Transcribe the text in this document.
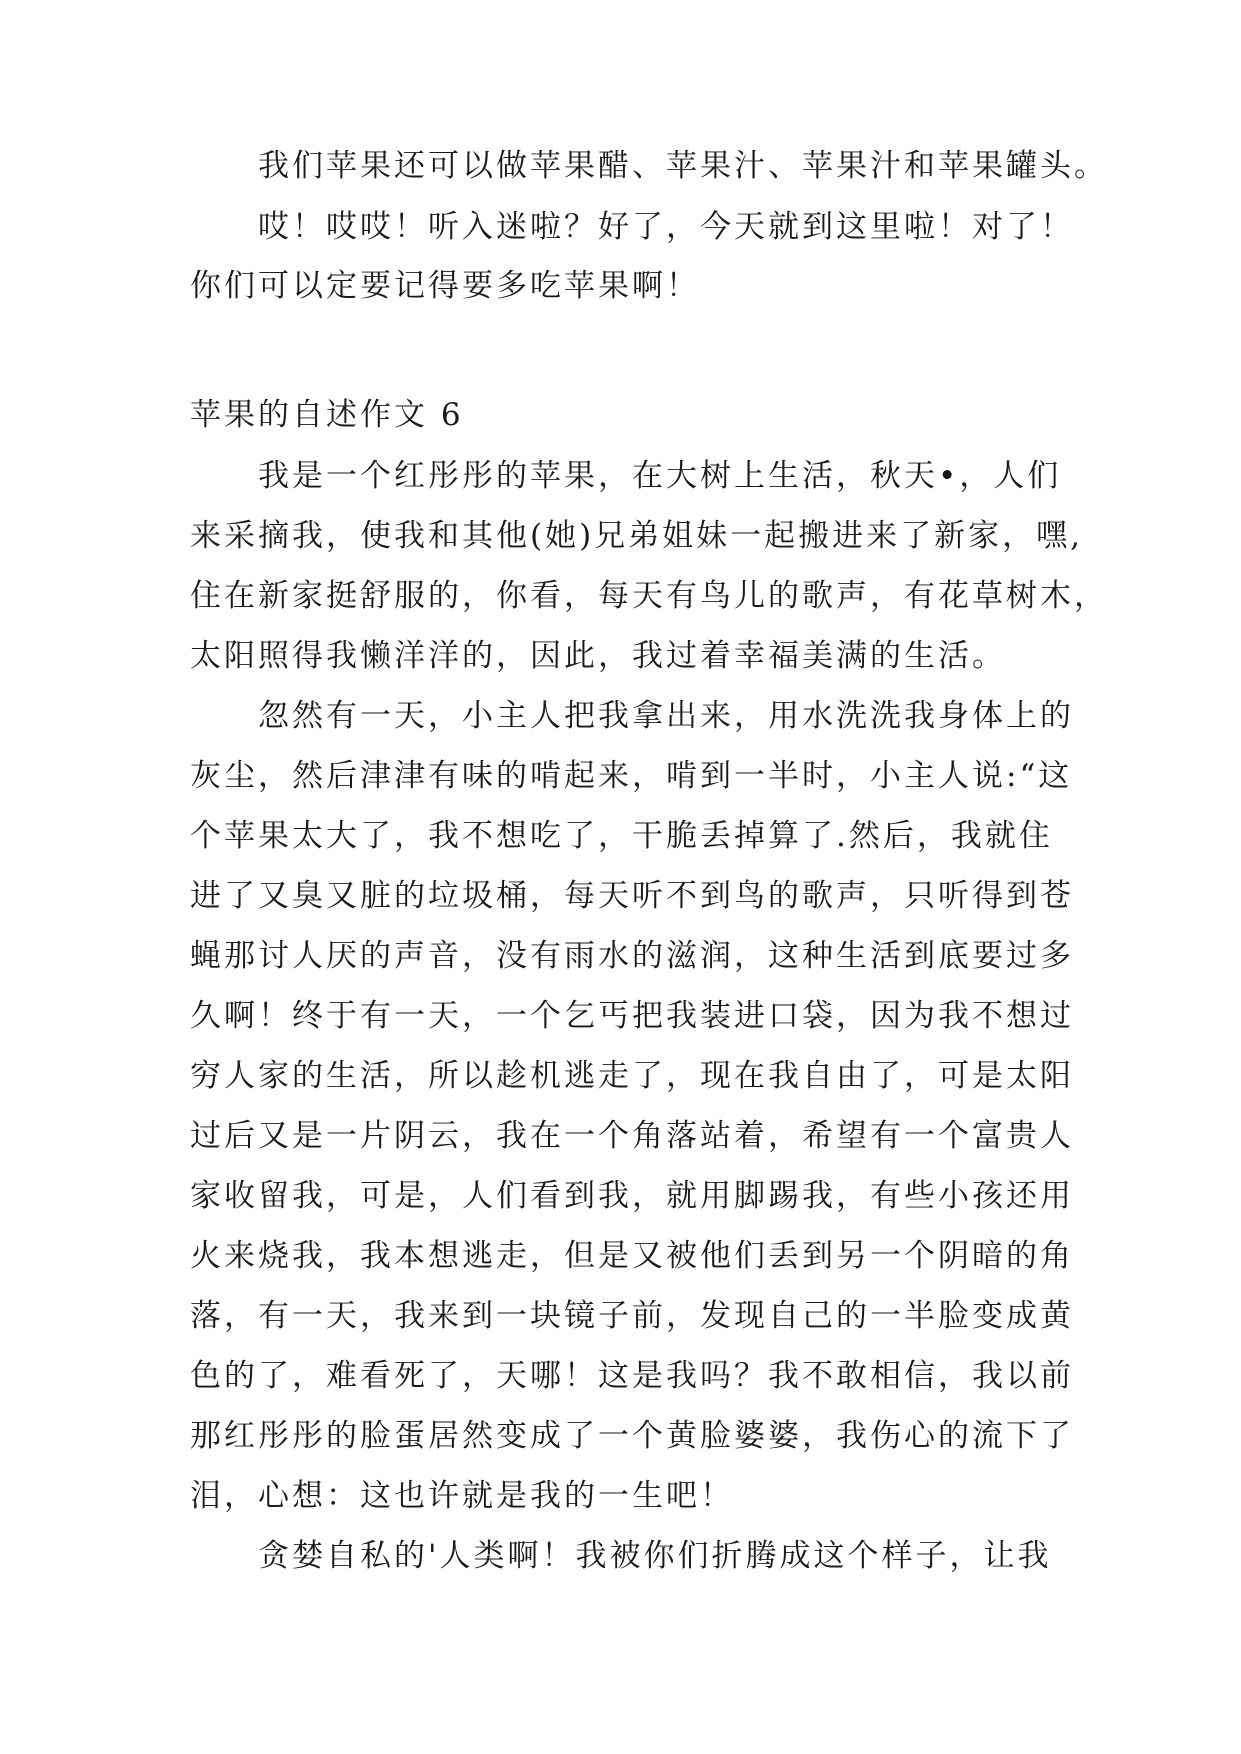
我们苹果还可以做苹果醋、苹果汁、苹果汁和苹果罐头。
哎！哎哎！听入迷啦？好了，今天就到这里啦！对了！
你们可以定要记得要多吃苹果啊！
苹果的自述作文 6
我是一个红彤彤的苹果，在大树上生活，秋天•，人们
来采摘我，使我和其他(她)兄弟姐妹一起搬进来了新家，嘿,
住在新家挺舒服的，你看，每天有鸟儿的歌声，有花草树木，
太阳照得我懒洋洋的，因此，我过着幸福美满的生活。
忽然有一天，小主人把我拿出来，用水洗洗我身体上的
灰尘，然后津津有味的啃起来，啃到一半时，小主人说:“这
个苹果太大了，我不想吃了，干脆丢掉算了.然后，我就住
进了又臭又脏的垃圾桶，每天听不到鸟的歌声，只听得到苍
蝇那讨人厌的声音，没有雨水的滋润，这种生活到底要过多
久啊！终于有一天，一个乞丐把我装进口袋，因为我不想过
穷人家的生活，所以趁机逃走了，现在我自由了，可是太阳
过后又是一片阴云，我在一个角落站着，希望有一个富贵人
家收留我，可是，人们看到我，就用脚踢我，有些小孩还用
火来烧我，我本想逃走，但是又被他们丢到另一个阴暗的角
落，有一天，我来到一块镜子前，发现自己的一半脸变成黄
色的了，难看死了，天哪！这是我吗？我不敢相信，我以前
那红彤彤的脸蛋居然变成了一个黄脸婆婆，我伤心的流下了
泪，心想：这也许就是我的一生吧！
贪婪自私的'人类啊！我被你们折腾成这个样子，让我
